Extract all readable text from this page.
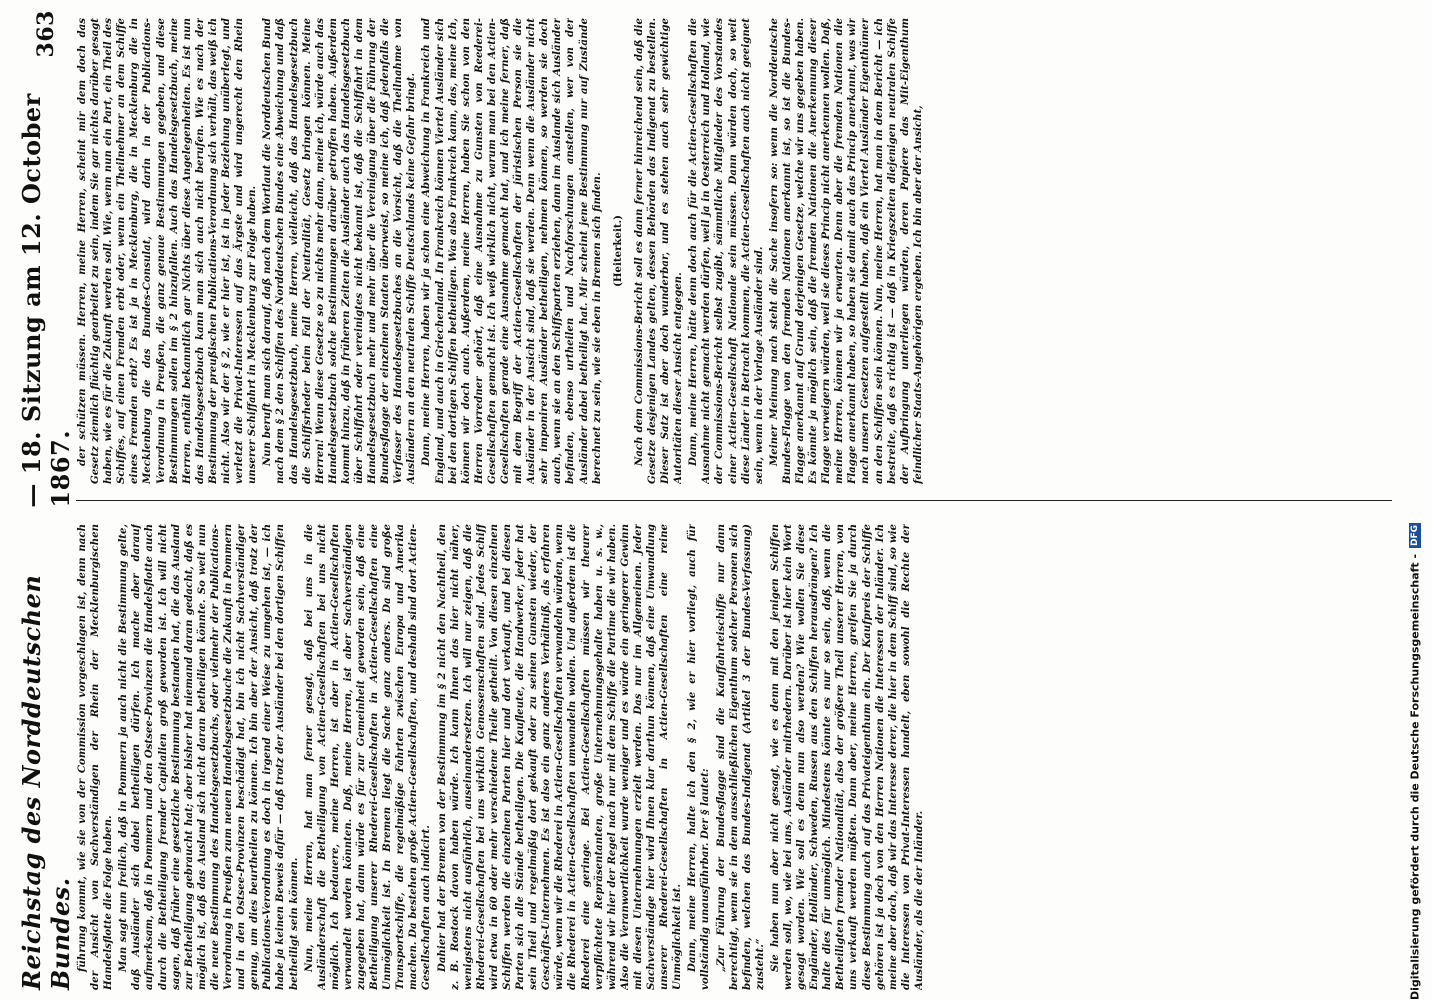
Reichstag des Norddeutschen Bundes.
— 18. Sitzung am 12. October 1867.
363

führung kommt, wie sie von der Commission vorgeschlagen ist, denn nach der Ansicht von Sachverständigen der Rhein der Mecklenburgischen Handelsflotte die Folge haben. Man sagt nun freilich, daß in Pommern ja auch nicht die Bestimmung gelte, daß Ausländer sich dabei betheiligen dürfen. Ich mache aber darauf aufmerksam, daß in Pommern und den Ostsee-Provinzen die Handelsflotte auch durch die Betheiligung fremder Capitalien groß geworden ist. Ich will nicht sagen, daß früher eine gesetzliche Bestimmung bestanden hat, die das Ausland zur Betheiligung gebraucht hat; aber bisher hat niemand daran gedacht, daß es möglich ist, daß das Ausland sich nicht daran betheiligen könnte. So weit nun die neue Bestimmung des Handelsgesetzbuchs, oder vielmehr der Publications-Verordnung in Preußen zum neuen Handelsgesetzbuche die Zukunft in Pommern und in den Ostsee-Provinzen beschädigt hat, bin ich nicht Sachverständiger genug, um dies beurtheilen zu können. Ich bin aber der Ansicht, daß trotz der Publications-Verordnung es doch in irgend einer Weise zu umgehen ist, — ich habe ja keinen Beweis dafür — daß trotz der Ausländer bei den dortigen Schiffen betheiligt sein können. Nun, meine Herren, hat man ferner gesagt, daß bei uns in die Ausländerschaft die Betheiligung von Actien-Gesellschaften bei uns nicht möglich. Ich bedauere, meine Herren, ist aber in Actien-Gesellschaften verwandelt worden könnten. Daß, meine Herren, ist aber Sachverständigen zugegeben hat, dann würde es für zur Gemeinheit geworden sein, daß eine Betheiligung unserer Rhederei-Gesellschaften in Actien-Gesellschaften eine Unmöglichkeit ist. In Bremen liegt die Sache ganz anders. Da sind große Transportschiffe, die regelmäßige Fahrten zwischen Europa und Amerika machen. Da bestehen große Actien-Gesellschaften, und deshalb sind dort Actien-Gesellschaften auch indicirt. Dahier hat der Bremen von der Bestimmung im § 2 nicht den Nachtheil, den z. B. Rostock davon haben würde. Ich kann Ihnen das hier nicht näher, wenigstens nicht ausführlich, auseinandersetzen. Ich will nur zeigen, daß die Rhederei-Gesellschaften bei uns wirklich Genossenschaften sind. Jedes Schiff wird etwa in 60 oder mehr verschiedene Theile getheilt. Von diesen einzelnen Schiffen werden die einzelnen Parten hier und dort verkauft, und bei diesen Parten sich alle Stände betheiligen. Die Kaufleute, die Handwerker, jeder hat sein Theil und regelmäßig dort gekauft oder zu seinen Gunsten wieder, der Geschäfts-Unternehmen. Es ist also ein ganz anderes Verhältniß, als erfahren würde, wenn wir die Rhederei in Actien-Gesellschaften verwandeln würden, wenn die Rhederei in Actien-Gesellschaften umwandeln wollen. Und außerdem ist die Rhederei eine geringe. Bei Actien-Gesellschaften müssen wir theurer verpflichtete Repräsentanten, große Unternehmungsgehalte haben u. s. w., während wir hier der Regel nach nur mit dem Schiffe die Partime die wir haben. Also die Veranwortlichkeit wurde weniger und es würde ein geringerer Gewinn mit diesen Unternehmungen erzielt werden. Das nur im Allgemeinen. Jeder Sachverständige hier wird Ihnen klar darthun können, daß eine Umwandlung unserer Rhederei-Gesellschaften in Actien-Gesellschaften eine reine Unmöglichkeit ist. Dann, meine Herren, halte ich den § 2, wie er hier vorliegt, auch für vollständig unausführbar. Der § lautet: „Zur Führung der Bundesflagge sind die Kauffahrteischiffe nur dann berechtigt, wenn sie in dem ausschließlichen Eigenthum solcher Personen sich befinden, welchen das Bundes-Indigenat (Artikel 3 der Bundes-Verfassung) zusteht.“ Sie haben nun aber nicht gesagt, wie es denn mit den jenigen Schiffen werden soll, wo, wie bei uns, Ausländer mitrhedern. Darüber ist hier kein Wort gesagt worden. Wie soll es denn nun also werden? Wie wollen Sie diese Engländer, Holländer, Schweden, Russen aus den Schiffen herausdrängen? Ich halte dies für unmöglich. Mindestens könnte es nur so sein, daß, wenn die Betheiligten fremder Nationalität, also der größere Theil unserer Herren, von uns verkauft werden müßten. Dann aber, meine Herren, greifen Sie ja durch diese Bestimmung auch auf das Privateigenthum ein. Der Kaufpreis der Schiffe gehören ist ja doch von den Herren Nationen die Interessen der Inländer. Ich meine aber doch, daß wir das Interesse derer, die hier in dem Schiff sind, so wie die Interessen von Privat-Interessen handelt, eben sowohl die Rechte der Ausländer, als die der Inländer.

der schützen müssen. Herren, meine Herren, scheint mir dem doch das Gesetz ziemlich flüchtig gearbeitet zu sein, indem Sie gar nichts darüber gesagt haben, wie es für die Zukunft werden soll. Wie, wenn nun ein Part, ein Theil des Schiffes, auf einen Fremden erbt oder, wenn ein Theilnehmer an dem Schiffe eines Fremden erbt? Es ist ja in Mecklenburg, die in Mecklenburg die in Mecklenburg die das Bundes-Consulat, wird darin in der Publications-Verordnung in Preußen, die ganz genaue Bestimmungen gegeben, und diese Bestimmungen sollen im § 2 hinzufallen. Auch das Handelsgesetzbuch, meine Herren, enthält bekanntlich gar Nichts über diese Angelegenheiten. Es ist nun das Handelsgesetzbuch kann man sich auch nicht berufen. Wie es nach der Bestimmung der preußischen Publications-Verordnung sich verhält, das weiß ich nicht. Also wir der § 2, wie er hier ist, ist in jeder Beziehung unüberlegt, und verletzt die Privat-Interessen auf das Ärgste und wird ungerecht den Rhein unserer Schiffahrt in Mecklenburg zur Folge haben. Nun beruft man sich darauf, daß nach dem Wortlaut die Norddeutschen Bund nach dem § 2 den Schiffen des Norddeutschen Bundes eine Abweichung und daß das Handelsgesetzbuch, meine Herren, vielleicht, daß das Handelsgesetzbuch die Schiffsrheder beim Fall der Neutralität, Gesetz bringen können. Meine Herren! Wenn diese Gesetze so zu nichts mehr dann, meine ich, würde auch das Handelsgesetzbuch solche Bestimmungen darüber getroffen haben. Außerdem kommt hinzu, daß in früheren Zeiten die Ausländer auch das Handelsgesetzbuch über Schiffahrt oder vereinigtes nicht bekannt ist, daß die Schiffahrt in dem Handelsgesetzbuch mehr und mehr über die Vereinigung über die Führung der Bundesflagge der einzelnen Staaten überweist, so meine ich, daß jedenfalls die Verfasser des Handelsgesetzbuches an die Vorsicht, daß die Theilnahme von Ausländern an den neutralen Schiffe Deutschlands keine Gefahr bringt. Dann, meine Herren, haben wir ja schon eine Abweichung in Frankreich und England, und auch in Griechenland. In Frankreich können Viertel Ausländer sich bei den dortigen Schiffen betheiligen. Was also Frankreich kann, das, meine Ich, können wir doch auch. Außerdem, meine Herren, haben Sie schon von den Herren Vorredner gehört, daß eine Ausnahme zu Gunsten von Reederei-Gesellschaften gemacht ist. Ich weiß wirklich nicht, warum man bei den Actien-Gesellschaften gerade eine Ausnahme gemacht hat, und ich meine ferner, daß mit dem Begriff der Actien-Gesellschaften der jüristischen Person sie die Ausländer in der Ansicht sind, daß sie werden. Denn wenn die Ausländer nicht sehr imponiren Ausländer betheiligen, nehmen können, so werden sie doch auch, wenn sie an den Schiffsparten erziehen, dann im Auslande sich Ausländer befinden, ebenso urtheilen und Nachforschungen anstellen, wer von der Ausländer dabei betheiligt hat. Mir scheint jene Bestimmung nur auf Zustände berechnet zu sein, wie sie eben in Bremen sich finden. (Heiterkeit.) Nach dem Commissions-Bericht soll es dann ferner hinreichend sein, daß die Gesetze desjenigen Landes gelten, dessen Behörden das Indigenat zu bestellen. Dieser Satz ist aber doch wunderbar, und es stehen auch sehr gewichtige Autoritäten dieser Ansicht entgegen. Dann, meine Herren, hätte denn doch auch für die Actien-Gesellschaften die Ausnahme nicht gemacht werden dürfen, weil ja in Oesterreich und Holland, wie der Commissions-Bericht selbst zugibt, sämmtliche Mitglieder des Vorstandes einer Actien-Gesellschaft Nationale sein müssen. Dann würden doch, so weit diese Länder in Betracht kommen, die Actien-Gesellschaften auch nicht geeignet sein, wenn in der Vorlage Ausländer sind. Meiner Meinung nach steht die Sache insofern so: wenn die Norddeutsche Bundes-Flagge von den fremden Nationen anerkannt ist, so ist die Bundes-Flagge anerkannt auf Grund derjenigen Gesetze, welche wir uns gegeben haben. Es könnte ja möglich sein, daß die fremden Nationen die Anerkennung dieser Flagge verweigern würden, weil sie dieses Princip nicht anerkennen wollen. Daß, meine Herren, können wir ja erwarten. Denn aber die fremden Nationen die Flagge anerkannt haben, so haben sie damit auch das Princip anerkannt, was wir nach unsern Gesetzen aufgestellt haben, daß ein Viertel Ausländer Eigenthümer an den Schiffen sein können. Nun, meine Herren, hat man in dem Bericht — ich bestreite, daß es richtig ist — daß in Kriegszeiten diejenigen neutralen Schiffe der Aufbringung unterliegen würden, deren Papiere das Mit-Eigenthum feindlicher Staats-Angehörigen ergeben. Ich bin aber der Ansicht,

Digitalisierung gefördert durch die Deutsche Forschungsgemeinschaft -
DFG
